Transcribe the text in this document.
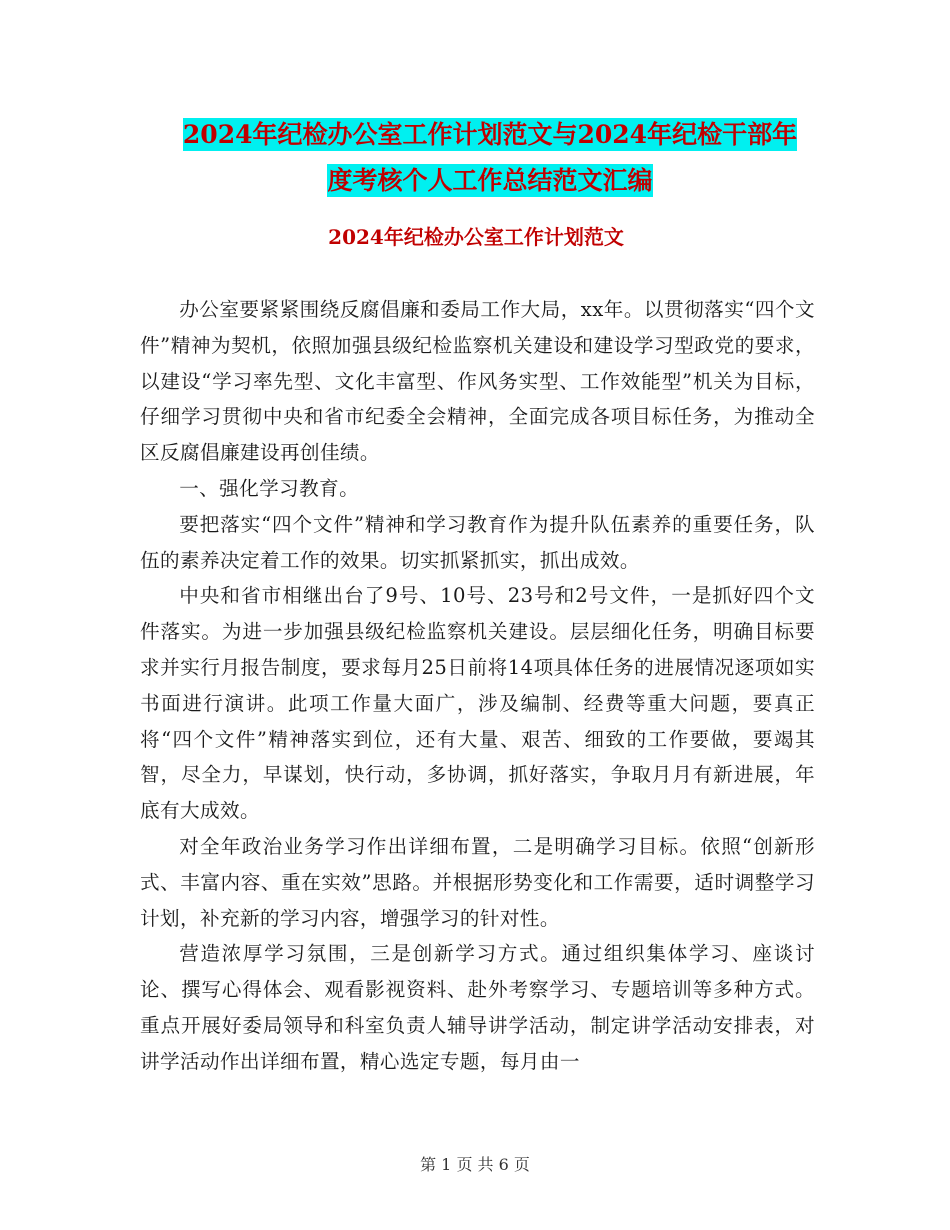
2024年纪检办公室工作计划范文与2024年纪检干部年
度考核个人工作总结范文汇编
2024年纪检办公室工作计划范文

办公室要紧紧围绕反腐倡廉和委局工作大局，xx年。以贯彻落实“四个文件”精神为契机，依照加强县级纪检监察机关建设和建设学习型政党的要求，以建设“学习率先型、文化丰富型、作风务实型、工作效能型”机关为目标，仔细学习贯彻中央和省市纪委全会精神，全面完成各项目标任务，为推动全区反腐倡廉建设再创佳绩。

一、强化学习教育。

要把落实“四个文件”精神和学习教育作为提升队伍素养的重要任务，队伍的素养决定着工作的效果。切实抓紧抓实，抓出成效。

中央和省市相继出台了9号、10号、23号和2号文件，一是抓好四个文件落实。为进一步加强县级纪检监察机关建设。层层细化任务，明确目标要求并实行月报告制度，要求每月25日前将14项具体任务的进展情况逐项如实书面进行演讲。此项工作量大面广，涉及编制、经费等重大问题，要真正将“四个文件”精神落实到位，还有大量、艰苦、细致的工作要做，要竭其智，尽全力，早谋划，快行动，多协调，抓好落实，争取月月有新进展，年底有大成效。

对全年政治业务学习作出详细布置，二是明确学习目标。依照“创新形式、丰富内容、重在实效”思路。并根据形势变化和工作需要，适时调整学习计划，补充新的学习内容，增强学习的针对性。

营造浓厚学习氛围，三是创新学习方式。通过组织集体学习、座谈讨论、撰写心得体会、观看影视资料、赴外考察学习、专题培训等多种方式。重点开展好委局领导和科室负责人辅导讲学活动，制定讲学活动安排表，对讲学活动作出详细布置，精心选定专题，每月由一

第 1 页 共 6 页
